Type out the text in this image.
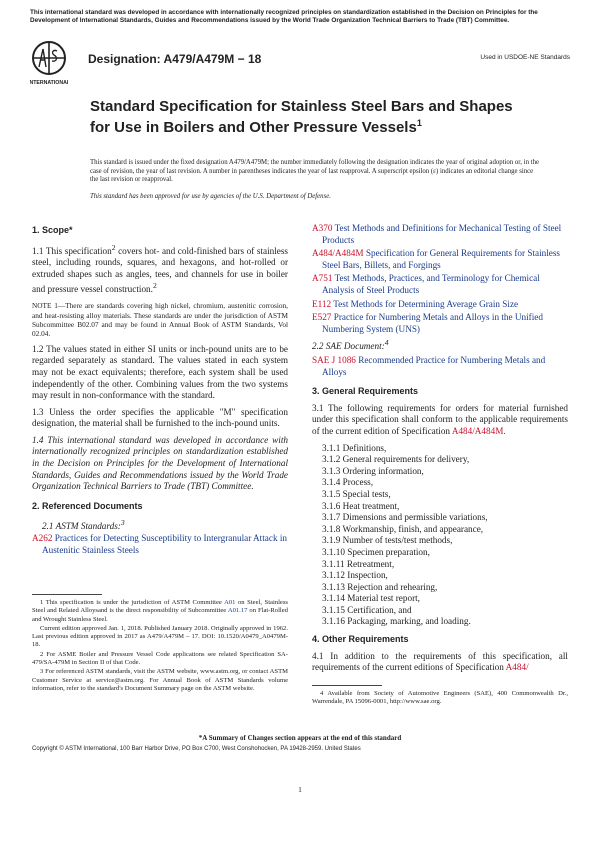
This international standard was developed in accordance with internationally recognized principles on standardization established in the Decision on Principles for the Development of International Standards, Guides and Recommendations issued by the World Trade Organization Technical Barriers to Trade (TBT) Committee.
INTERNATIONAL
Designation: A479/A479M − 18	Used in USDOE-NE Standards
Standard Specification for Stainless Steel Bars and Shapes for Use in Boilers and Other Pressure Vessels$^1$
This standard is issued under the fixed designation A479/A479M; the number immediately following the designation indicates the year of original adoption or, in the case of revision, the year of last revision. A number in parentheses indicates the year of last reapproval. A superscript epsilon (ε) indicates an editorial change since the last revision or reapproval.
This standard has been approved for use by agencies of the U.S. Department of Defense.
1. Scope*

1.1 This specification$^2$ covers hot- and cold-finished bars of stainless steel, including rounds, squares, and hexagons, and hot-rolled or extruded shapes such as angles, tees, and channels for use in boiler and pressure vessel construction.$^2$

NOTE 1—There are standards covering high nickel, chromium, austenitic corrosion, and heat-resisting alloy materials. These standards are under the jurisdiction of ASTM Subcommittee B02.07 and may be found in Annual Book of ASTM Standards, Vol 02.04.

1.2 The values stated in either SI units or inch-pound units are to be regarded separately as standard. The values stated in each system may not be exact equivalents; therefore, each system shall be used independently of the other. Combining values from the two systems may result in non-conformance with the standard.

1.3 Unless the order specifies the applicable "M" specification designation, the material shall be furnished to the inch-pound units.

1.4 This international standard was developed in accordance with internationally recognized principles on standardization established in the Decision on Principles for the Development of International Standards, Guides and Recommendations issued by the World Trade Organization Technical Barriers to Trade (TBT) Committee.

2. Referenced Documents
2.1 ASTM Standards:$^3$
A262 Practices for Detecting Susceptibility to Intergranular Attack in Austenitic Stainless Steels

1 This specification is under the jurisdiction of ASTM Committee A01 on Steel, Stainless Steel and Related Alloysand is the direct responsibility of Subcommittee A01.17 on Flat-Rolled and Wrought Stainless Steel.

Current edition approved Jan. 1, 2018. Published January 2018. Originally approved in 1962. Last previous edition approved in 2017 as A479/A479M – 17. DOI: 10.1520/A0479_A0479M-18.

2 For ASME Boiler and Pressure Vessel Code applications see related Specification SA-479/SA-479M in Section II of that Code.

3 For referenced ASTM standards, visit the ASTM website, www.astm.org, or contact ASTM Customer Service at service@astm.org. For Annual Book of ASTM Standards volume information, refer to the standard's Document Summary page on the ASTM website.

A370 Test Methods and Definitions for Mechanical Testing of Steel Products
A484/A484M Specification for General Requirements for Stainless Steel Bars, Billets, and Forgings
A751 Test Methods, Practices, and Terminology for Chemical Analysis of Steel Products
E112 Test Methods for Determining Average Grain Size
E527 Practice for Numbering Metals and Alloys in the Unified Numbering System (UNS)
2.2 SAE Document:$^4$
SAE J 1086 Recommended Practice for Numbering Metals and Alloys
3. General Requirements

3.1 The following requirements for orders for material furnished under this specification shall conform to the applicable requirements of the current edition of Specification A484/A484M.

3.1.1 Definitions,
3.1.2 General requirements for delivery,
3.1.3 Ordering information,
3.1.4 Process,
3.1.5 Special tests,
3.1.6 Heat treatment,
3.1.7 Dimensions and permissible variations,
3.1.8 Workmanship, finish, and appearance,
3.1.9 Number of tests/test methods,
3.1.10 Specimen preparation,
3.1.11 Retreatment,
3.1.12 Inspection,
3.1.13 Rejection and rehearing,
3.1.14 Material test report,
3.1.15 Certification, and
3.1.16 Packaging, marking, and loading.
4. Other Requirements

4.1 In addition to the requirements of this specification, all requirements of the current editions of Specification A484/

4 Available from Society of Automotive Engineers (SAE), 400 Commonwealth Dr., Warrendale, PA 15096-0001, http://www.sae.org.

*A Summary of Changes section appears at the end of this standard
Copyright © ASTM International, 100 Barr Harbor Drive, PO Box C700, West Conshohocken, PA 19428-2959. United States
1
